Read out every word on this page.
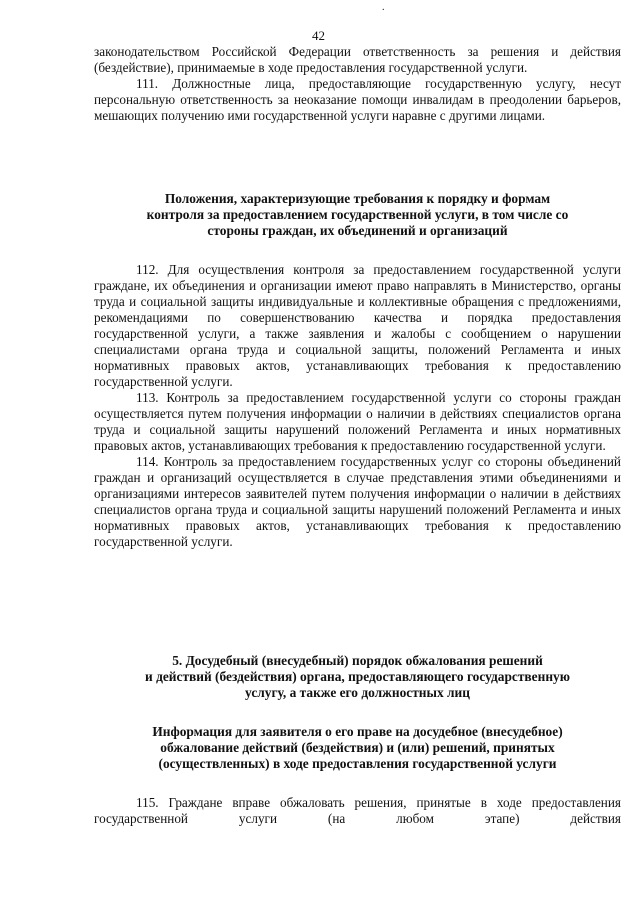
.
42

законодательством Российской Федерации ответственность за решения и действия (бездействие), принимаемые в ходе предоставления государственной услуги.

111. Должностные лица, предоставляющие государственную услугу, несут персональную ответственность за неоказание помощи инвалидам в преодолении барьеров, мешающих получению ими государственной услуги наравне с другими лицами.

Положения, характеризующие требования к порядку и формам

контроля за предоставлением государственной услуги, в том числе со

стороны граждан, их объединений и организаций

112. Для осуществления контроля за предоставлением государственной услуги граждане, их объединения и организации имеют право направлять в Министерство, органы труда и социальной защиты индивидуальные и коллективные обращения с предложениями, рекомендациями по совершенствованию качества и порядка предоставления государственной услуги, а также заявления и жалобы с сообщением о нарушении специалистами органа труда и социальной защиты, положений Регламента и иных нормативных правовых актов, устанавливающих требования к предоставлению государственной услуги.

113. Контроль за предоставлением государственной услуги со стороны граждан осуществляется путем получения информации о наличии в действиях специалистов органа труда и социальной защиты нарушений положений Регламента и иных нормативных правовых актов, устанавливающих требования к предоставлению государственной услуги.

114. Контроль за предоставлением государственных услуг со стороны объединений граждан и организаций осуществляется в случае представления этими объединениями и организациями интересов заявителей путем получения информации о наличии в действиях специалистов органа труда и социальной защиты нарушений положений Регламента и иных нормативных правовых актов, устанавливающих требования к предоставлению государственной услуги.

5. Досудебный (внесудебный) порядок обжалования решений

и действий (бездействия) органа, предоставляющего государственную

услугу, а также его должностных лиц

Информация для заявителя о его праве на досудебное (внесудебное)

обжалование действий (бездействия) и (или) решений, принятых

(осуществленных) в ходе предоставления государственной услуги

115. Граждане вправе обжаловать решения, принятые в ходе предоставления государственной услуги (на любом этапе) действия
